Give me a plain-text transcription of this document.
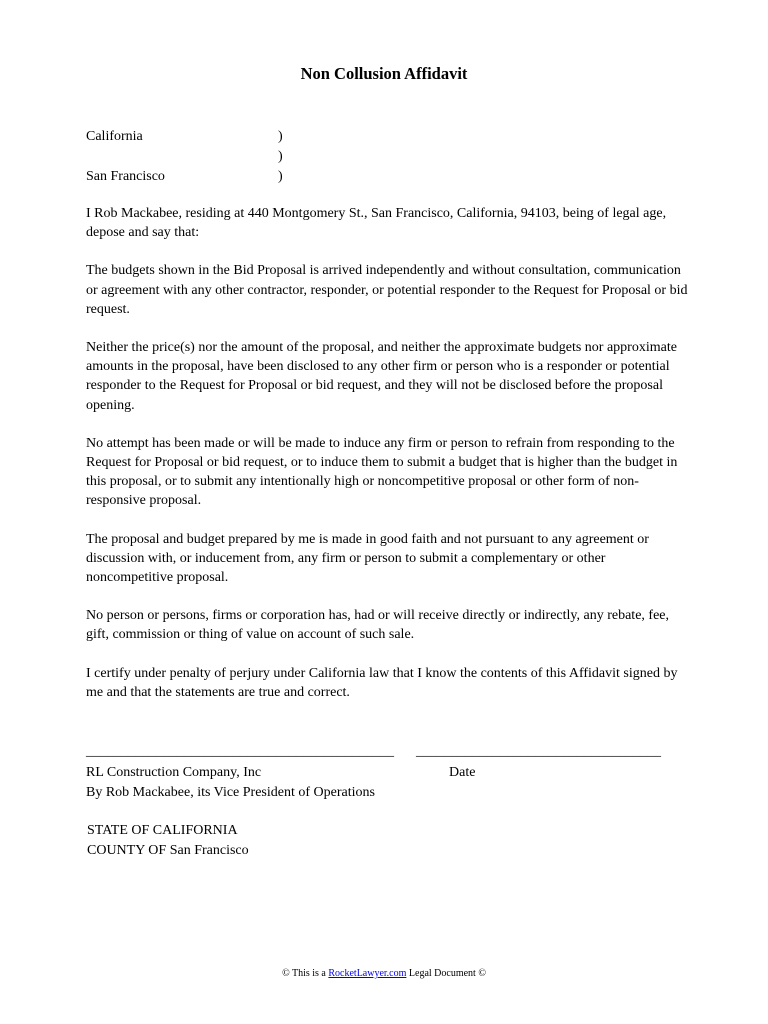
Non Collusion Affidavit
California	)
)
San Francisco	)

I Rob Mackabee, residing at 440 Montgomery St., San Francisco, California, 94103, being of legal age, depose and say that:

The budgets shown in the Bid Proposal is arrived independently and without consultation, communication or agreement with any other contractor, responder, or potential responder to the Request for Proposal or bid request.

Neither the price(s) nor the amount of the proposal, and neither the approximate budgets nor approximate amounts in the proposal, have been disclosed to any other firm or person who is a responder or potential responder to the Request for Proposal or bid request, and they will not be disclosed before the proposal opening.

No attempt has been made or will be made to induce any firm or person to refrain from responding to the Request for Proposal or bid request, or to induce them to submit a budget that is higher than the budget in this proposal, or to submit any intentionally high or noncompetitive proposal or other form of non-responsive proposal.

The proposal and budget prepared by me is made in good faith and not pursuant to any agreement or discussion with, or inducement from, any firm or person to submit a complementary or other noncompetitive proposal.

No person or persons, firms or corporation has, had or will receive directly or indirectly, any rebate, fee, gift, commission or thing of value on account of such sale.

I certify under penalty of perjury under California law that I know the contents of this Affidavit signed by me and that the statements are true and correct.

____________________________________________ ___________________________________
RL Construction Company, Inc
By Rob Mackabee, its Vice President of Operations
Date
STATE OF CALIFORNIA
COUNTY OF San Francisco
© This is a RocketLawyer.com Legal Document ©
